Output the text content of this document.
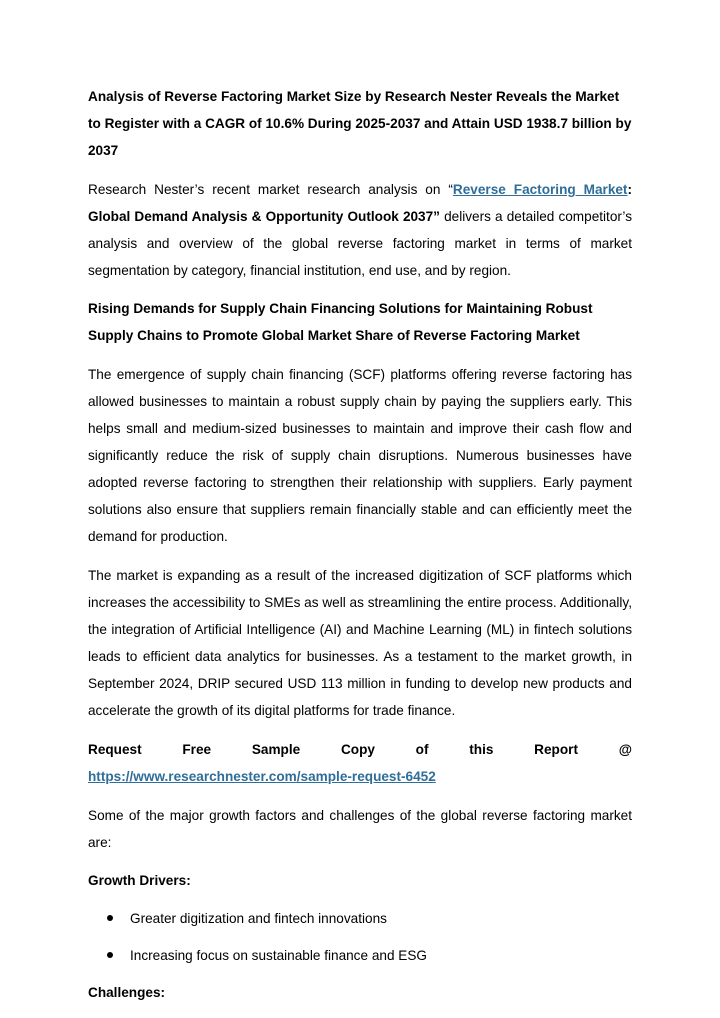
Analysis of Reverse Factoring Market Size by Research Nester Reveals the Market to Register with a CAGR of 10.6% During 2025-2037 and Attain USD 1938.7 billion by 2037

Research Nester’s recent market research analysis on “Reverse Factoring Market: Global Demand Analysis & Opportunity Outlook 2037” delivers a detailed competitor’s analysis and overview of the global reverse factoring market in terms of market segmentation by category, financial institution, end use, and by region.

Rising Demands for Supply Chain Financing Solutions for Maintaining Robust Supply Chains to Promote Global Market Share of Reverse Factoring Market

The emergence of supply chain financing (SCF) platforms offering reverse factoring has allowed businesses to maintain a robust supply chain by paying the suppliers early. This helps small and medium-sized businesses to maintain and improve their cash flow and significantly reduce the risk of supply chain disruptions. Numerous businesses have adopted reverse factoring to strengthen their relationship with suppliers. Early payment solutions also ensure that suppliers remain financially stable and can efficiently meet the demand for production.

The market is expanding as a result of the increased digitization of SCF platforms which increases the accessibility to SMEs as well as streamlining the entire process. Additionally, the integration of Artificial Intelligence (AI) and Machine Learning (ML) in fintech solutions leads to efficient data analytics for businesses. As a testament to the market growth, in September 2024, DRIP secured USD 113 million in funding to develop new products and accelerate the growth of its digital platforms for trade finance.

Request Free Sample Copy of this Report @ https://www.researchnester.com/sample-request-6452

Some of the major growth factors and challenges of the global reverse factoring market are:

Growth Drivers:

Greater digitization and fintech innovations
Increasing focus on sustainable finance and ESG

Challenges:
